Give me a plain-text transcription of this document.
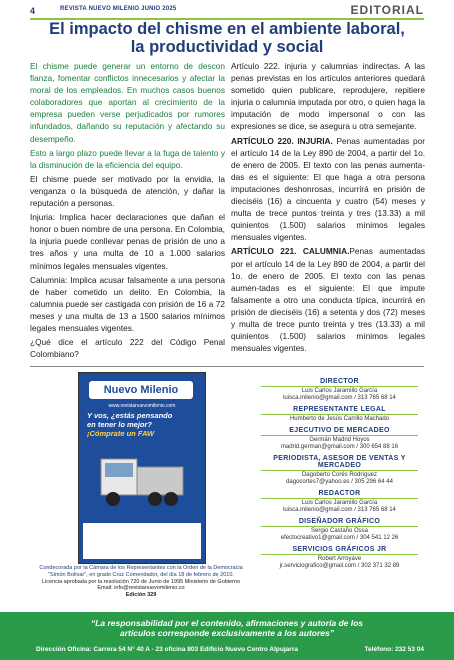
4	REVISTA NUEVO MILENIO JUNIO 2025	EDITORIAL
El impacto del chisme en el ambiente laboral,
la productividad y social

El chisme puede generar un entorno de descon fianza, fomentar conflictos innecesarios y afectar la moral de los empleados. En muchos casos buenos colaboradores que aportan al crecimiento de la empresa pueden verse perjudicados por rumores infundados, dañando su reputación y afectando su desempeño.

Esto a largo plazo puede llevar a la fuga de talento y la disminución de la eficiencia del equipo.

El chisme puede ser motivado por la envidia, la venganza o la búsqueda de atención, y dañar la reputación a personas.

Injuria: Implica hacer declaraciones que dañan el honor o buen nombre de una persona. En Colombia, la injuria puede conllevar penas de prisión de uno a tres años y una multa de 10 a 1.000 salarios mínimos legales mensuales vigentes.

Calumnia: Implica acusar falsamente a una persona de haber cometido un delito. En Colombia, la calumnia puede ser castigada con prisión de 16 a 72 meses y una multa de 13 a 1500 salarios mínimos legales mensuales vigentes.

¿Qué dice el artículo 222 del Código Penal Colombiano?

Artículo 222. injuria y calumnias indirectas. A las penas previstas en los artículos anteriores quedará sometido quien publicare, reprodujere, repitiere injuria o calumnia imputada por otro, o quien haga la imputación de modo impersonal o con las expresiones se dice, se asegura u otra semejante.

ARTÍCULO 220. INJURIA. Penas aumentadas por el artículo 14 de la Ley 890 de 2004, a partir del 1o. de enero de 2005. El texto con las penas aumenta-das es el siguiente: El que haga a otra persona imputaciones deshonrosas, incurrirá en prisión de dieciséis (16) a cincuenta y cuatro (54) meses y multa de trece puntos treinta y tres (13.33) a mil quinientos (1.500) salarios mínimos legales mensuales vigentes.

ARTÍCULO 221. CALUMNIA.Penas aumentadas por el artículo 14 de la Ley 890 de 2004, a partir del 1o. de enero de 2005. El texto con las penas aumen-tadas es el siguiente: El que impute falsamente a otro una conducta típica, incurrirá en prisión de dieciséis (16) a setenta y dos (72) meses y multa de trece punto treinta y tres (13.33) a mil quinientos (1.500) salarios mínimos legales mensuales vigentes.

Nuevo Milenio
www.revistanuevomilenio.com
Y vos, ¿estás pensando
en tener lo mejor?
¡Cómprate un FAW
Condecorada por la Cámara de los Representantes con la Orden de la Democracia "Simón Bolívar", en grado Cruz Comendador, del día 18 de febrero de 2010.
Licencia aprobada por la resolución 720 de Junio de 1995 Ministerio de Gobierno
Email: info@revistanuevomilenio.co
Edición 329
DIRECTOR
Luis Carlos Jaramillo García
luisca.milenio@gmail.com / 313 765 68 14
REPRESENTANTE LEGAL
Humberto de Jesús Carrillo Machado
EJECUTIVO DE MERCADEO
Germán Madrid Hoyos
madrid.german@gmail.com / 300 654 88 16
PERIODISTA, ASESOR DE VENTAS Y MERCADEO
Dagoberto Corés Rodríguez
dagocortes7@yahoo.es / 305 296 64 44
REDACTOR
Luis Carlos Jaramillo García
luisca.milenio@gmail.com / 313 765 68 14
DISEÑADOR GRÁFICO
Sergio Castaño Ossa
efectocreativo1@gmail.com / 304 541 12 26
SERVICIOS GRÁFICOS JR
Robert Arroyave
jr.serviciografico@gmail.com / 302 371 32 89
“La responsabilidad por el contenido, afirmaciones y autoría de los
artículos corresponde exclusivamente a los autores”
Dirección Oficina: Carrera 54 N° 40 A - 23 oficina 803 Edificio Nuevo Centro Alpujarra	Teléfono: 232 53 04
